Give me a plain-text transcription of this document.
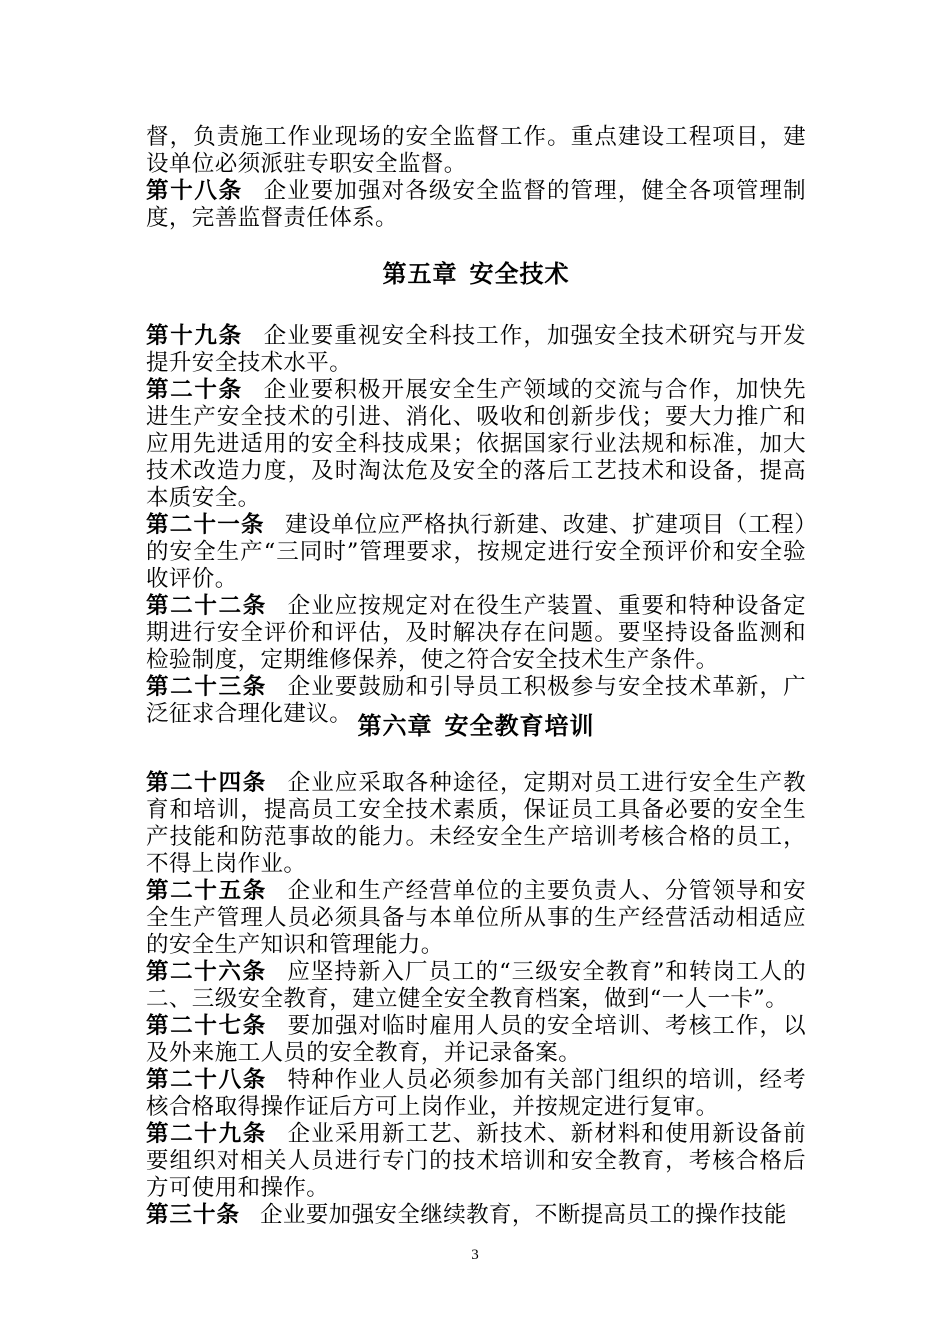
督，负责施工作业现场的安全监督工作。重点建设工程项目，建设单位必须派驻专职安全监督。
第十八条 企业要加强对各级安全监督的管理，健全各项管理制度，完善监督责任体系。
第五章 安全技术
第十九条 企业要重视安全科技工作，加强安全技术研究与开发提升安全技术水平。
第二十条 企业要积极开展安全生产领域的交流与合作，加快先进生产安全技术的引进、消化、吸收和创新步伐；要大力推广和应用先进适用的安全科技成果；依据国家行业法规和标准，加大技术改造力度，及时淘汰危及安全的落后工艺技术和设备，提高本质安全。
第二十一条 建设单位应严格执行新建、改建、扩建项目（工程）的安全生产“三同时”管理要求，按规定进行安全预评价和安全验收评价。
第二十二条 企业应按规定对在役生产装置、重要和特种设备定期进行安全评价和评估，及时解决存在问题。要坚持设备监测和检验制度，定期维修保养，使之符合安全技术生产条件。
第二十三条 企业要鼓励和引导员工积极参与安全技术革新，广泛征求合理化建议。 第六章 安全教育培训
第二十四条 企业应采取各种途径，定期对员工进行安全生产教育和培训，提高员工安全技术素质，保证员工具备必要的安全生产技能和防范事故的能力。未经安全生产培训考核合格的员工，不得上岗作业。
第二十五条 企业和生产经营单位的主要负责人、分管领导和安全生产管理人员必须具备与本单位所从事的生产经营活动相适应的安全生产知识和管理能力。
第二十六条 应坚持新入厂员工的“三级安全教育”和转岗工人的二、三级安全教育，建立健全安全教育档案，做到“一人一卡”。
第二十七条 要加强对临时雇用人员的安全培训、考核工作，以及外来施工人员的安全教育，并记录备案。
第二十八条 特种作业人员必须参加有关部门组织的培训，经考核合格取得操作证后方可上岗作业，并按规定进行复审。
第二十九条 企业采用新工艺、新技术、新材料和使用新设备前要组织对相关人员进行专门的技术培训和安全教育，考核合格后方可使用和操作。
第三十条 企业要加强安全继续教育，不断提高员工的操作技能
3
